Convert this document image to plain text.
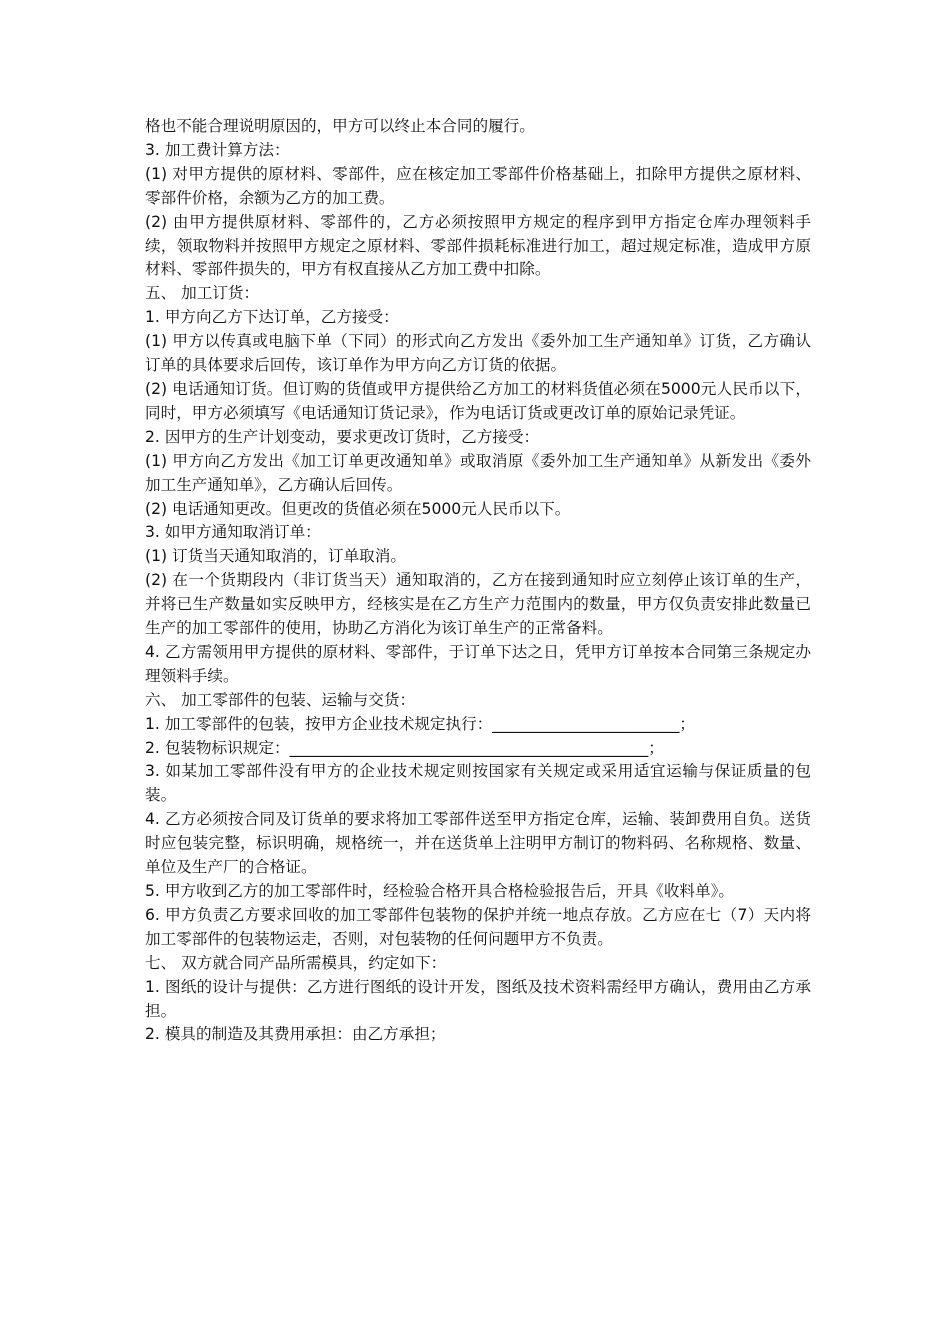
格也不能合理说明原因的，甲方可以终止本合同的履行。

3. 加工费计算方法：

(1) 对甲方提供的原材料、零部件，应在核定加工零部件价格基础上，扣除甲方提供之原材料、零部件价格，余额为乙方的加工费。

(2) 由甲方提供原材料、零部件的，乙方必须按照甲方规定的程序到甲方指定仓库办理领料手续，领取物料并按照甲方规定之原材料、零部件损耗标准进行加工，超过规定标准，造成甲方原材料、零部件损失的，甲方有权直接从乙方加工费中扣除。

五、 加工订货：

1. 甲方向乙方下达订单，乙方接受：

(1) 甲方以传真或电脑下单（下同）的形式向乙方发出《委外加工生产通知单》订货，乙方确认订单的具体要求后回传，该订单作为甲方向乙方订货的依据。

(2) 电话通知订货。但订购的货值或甲方提供给乙方加工的材料货值必须在5000元人民币以下，同时，甲方必须填写《电话通知订货记录》，作为电话订货或更改订单的原始记录凭证。

2. 因甲方的生产计划变动，要求更改订货时，乙方接受：

(1) 甲方向乙方发出《加工订单更改通知单》或取消原《委外加工生产通知单》从新发出《委外加工生产通知单》，乙方确认后回传。

(2) 电话通知更改。但更改的货值必须在5000元人民币以下。

3. 如甲方通知取消订单：

(1) 订货当天通知取消的，订单取消。

(2) 在一个货期段内（非订货当天）通知取消的，乙方在接到通知时应立刻停止该订单的生产，并将已生产数量如实反映甲方，经核实是在乙方生产力范围内的数量，甲方仅负责安排此数量已生产的加工零部件的使用，协助乙方消化为该订单生产的正常备料。

4. 乙方需领用甲方提供的原材料、零部件，于订单下达之日，凭甲方订单按本合同第三条规定办理领料手续。

六、 加工零部件的包装、运输与交货：

1. 加工零部件的包装，按甲方企业技术规定执行：________________________；

2. 包装物标识规定：______________________________________________；

3. 如某加工零部件没有甲方的企业技术规定则按国家有关规定或采用适宜运输与保证质量的包装。

4. 乙方必须按合同及订货单的要求将加工零部件送至甲方指定仓库，运输、装卸费用自负。送货时应包装完整，标识明确，规格统一，并在送货单上注明甲方制订的物料码、名称规格、数量、单位及生产厂的合格证。

5. 甲方收到乙方的加工零部件时，经检验合格开具合格检验报告后，开具《收料单》。

6. 甲方负责乙方要求回收的加工零部件包装物的保护并统一地点存放。乙方应在七（7）天内将加工零部件的包装物运走，否则，对包装物的任何问题甲方不负责。

七、 双方就合同产品所需模具，约定如下：

1. 图纸的设计与提供：乙方进行图纸的设计开发，图纸及技术资料需经甲方确认，费用由乙方承担。

2. 模具的制造及其费用承担：由乙方承担；
